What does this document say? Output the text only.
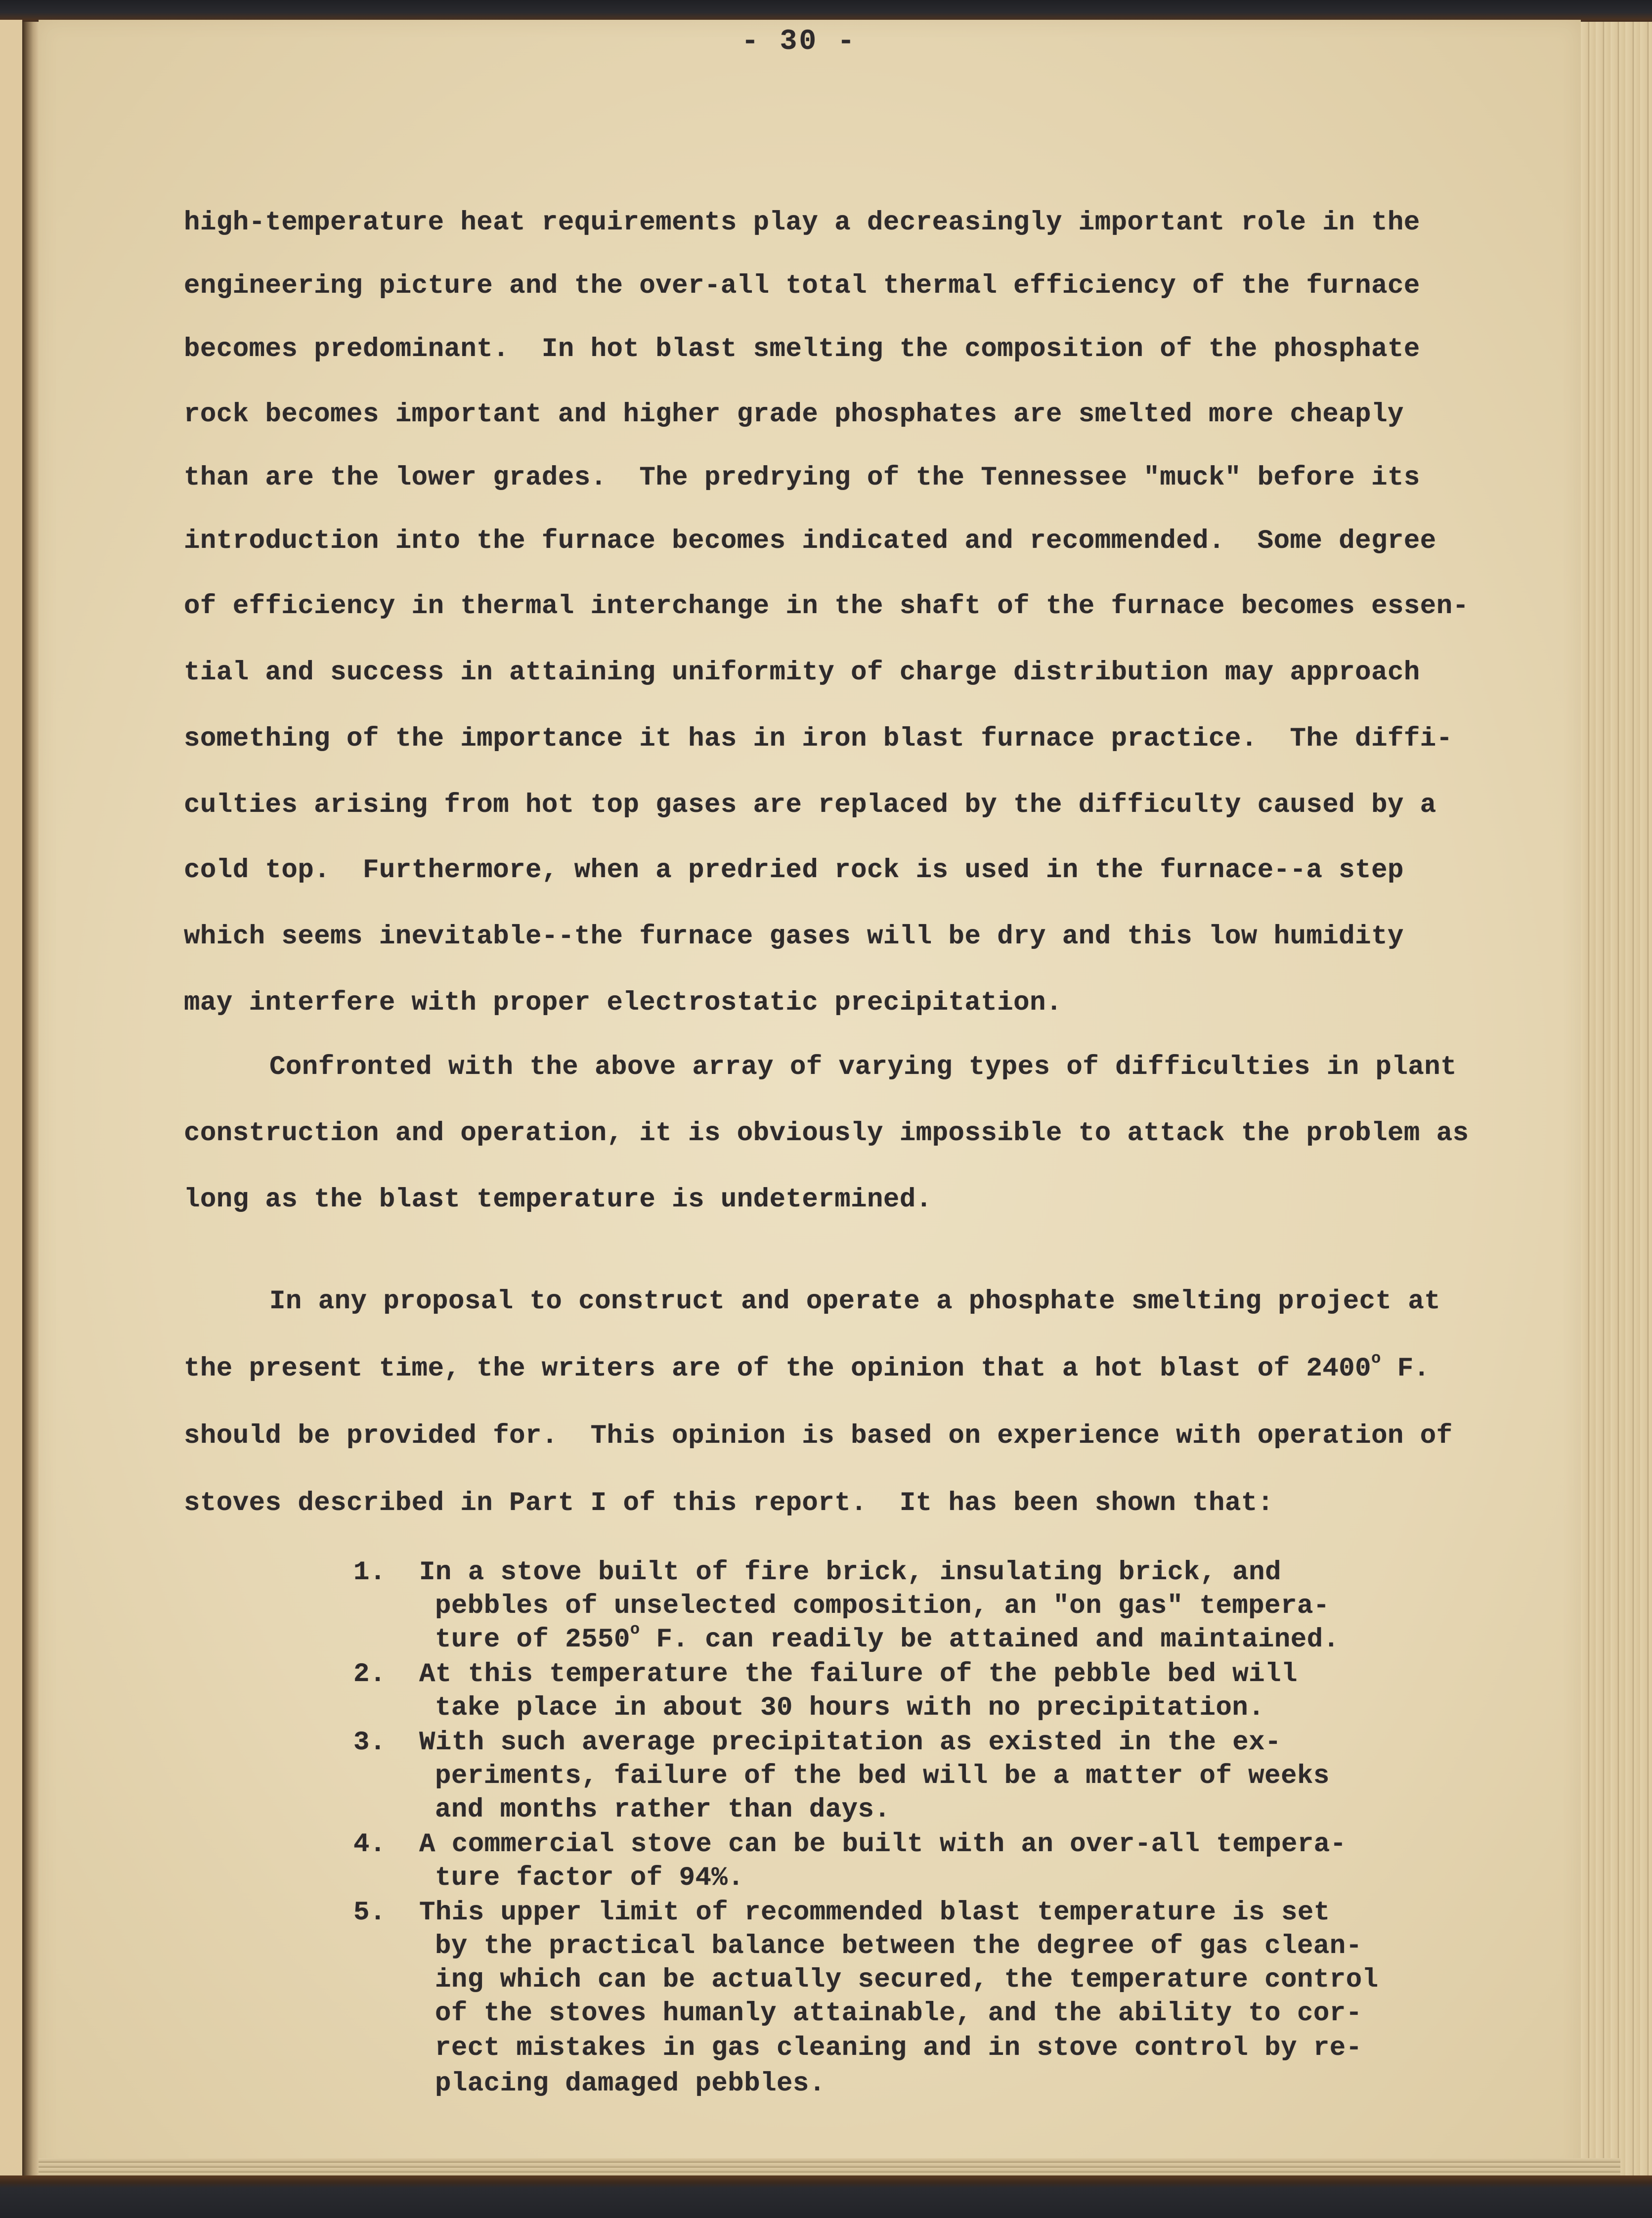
- 30 -
high-temperature heat requirements play a decreasingly important role in the
engineering picture and the over-all total thermal efficiency of the furnace
becomes predominant.  In hot blast smelting the composition of the phosphate
rock becomes important and higher grade phosphates are smelted more cheaply
than are the lower grades.  The predrying of the Tennessee "muck" before its
introduction into the furnace becomes indicated and recommended.  Some degree
of efficiency in thermal interchange in the shaft of the furnace becomes essen-
tial and success in attaining uniformity of charge distribution may approach
something of the importance it has in iron blast furnace practice.  The diffi-
culties arising from hot top gases are replaced by the difficulty caused by a
cold top.  Furthermore, when a predried rock is used in the furnace--a step
which seems inevitable--the furnace gases will be dry and this low humidity
may interfere with proper electrostatic precipitation.
Confronted with the above array of varying types of difficulties in plant
construction and operation, it is obviously impossible to attack the problem as
long as the blast temperature is undetermined.
In any proposal to construct and operate a phosphate smelting project at
the present time, the writers are of the opinion that a hot blast of 2400$^o$ F.
should be provided for.  This opinion is based on experience with operation of
stoves described in Part I of this report.  It has been shown that:
1. In a stove built of fire brick, insulating brick, and
pebbles of unselected composition, an "on gas" tempera-
ture of 2550$^o$ F. can readily be attained and maintained.
2. At this temperature the failure of the pebble bed will
take place in about 30 hours with no precipitation.
3. With such average precipitation as existed in the ex-
periments, failure of the bed will be a matter of weeks
and months rather than days.
4. A commercial stove can be built with an over-all tempera-
ture factor of 94%.
5. This upper limit of recommended blast temperature is set
by the practical balance between the degree of gas clean-
ing which can be actually secured, the temperature control
of the stoves humanly attainable, and the ability to cor-
rect mistakes in gas cleaning and in stove control by re-
placing damaged pebbles.
